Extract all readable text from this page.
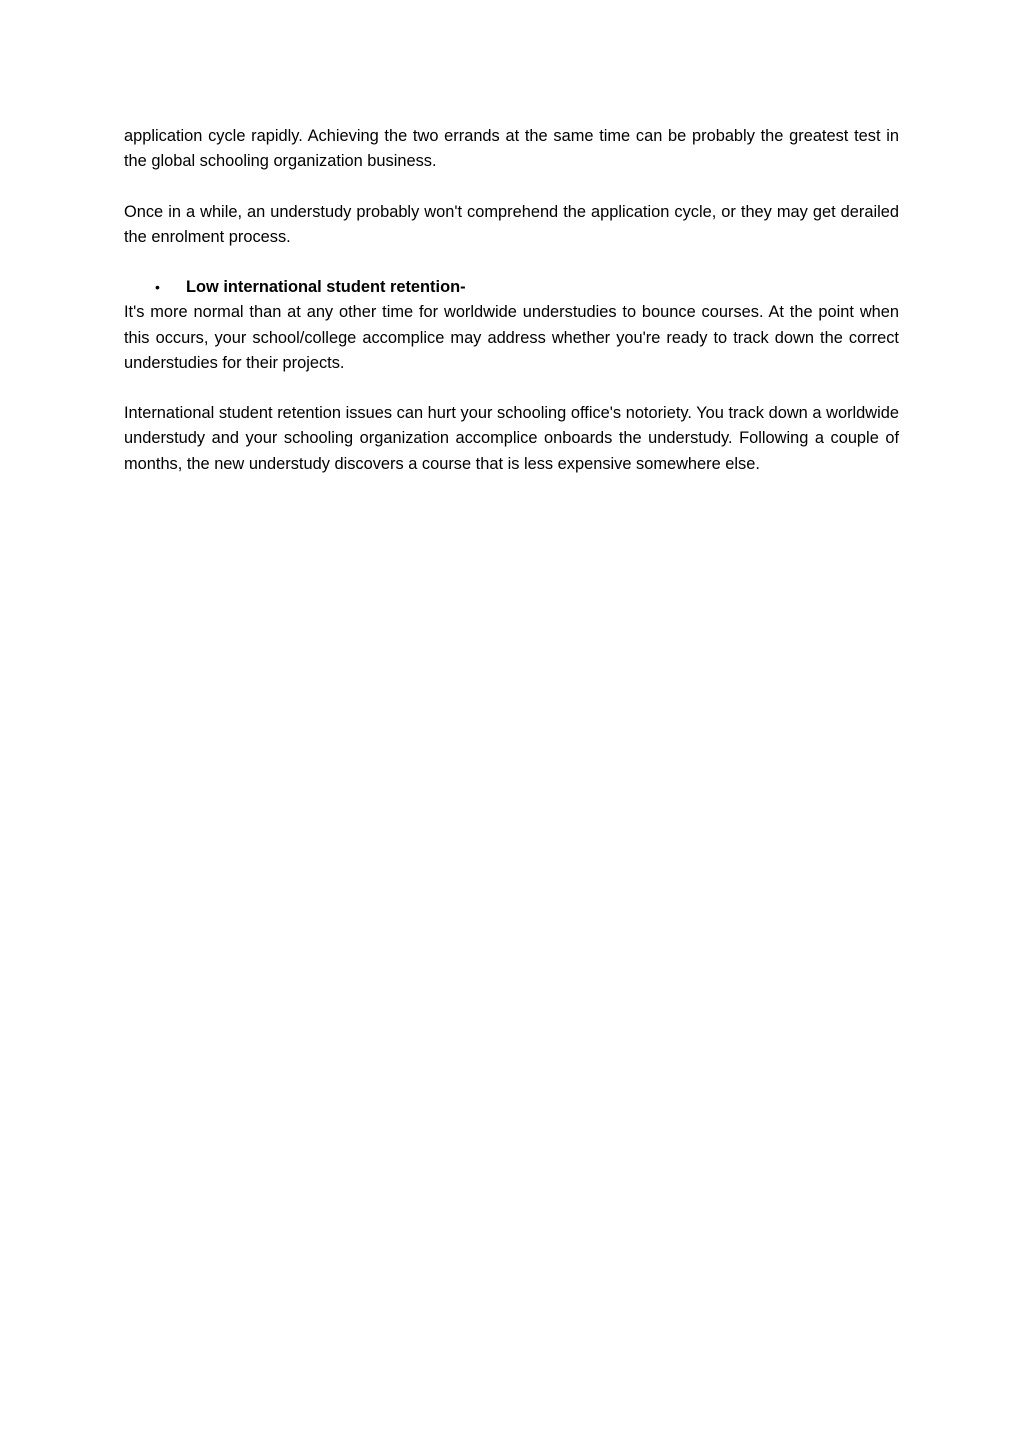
application cycle rapidly. Achieving the two errands at the same time can be probably the greatest test in the global schooling organization business.

Once in a while, an understudy probably won't comprehend the application cycle, or they may get derailed the enrolment process.

•	Low international student retention-

It's more normal than at any other time for worldwide understudies to bounce courses. At the point when this occurs, your school/college accomplice may address whether you're ready to track down the correct understudies for their projects.

International student retention issues can hurt your schooling office's notoriety. You track down a worldwide understudy and your schooling organization accomplice onboards the understudy. Following a couple of months, the new understudy discovers a course that is less expensive somewhere else.
